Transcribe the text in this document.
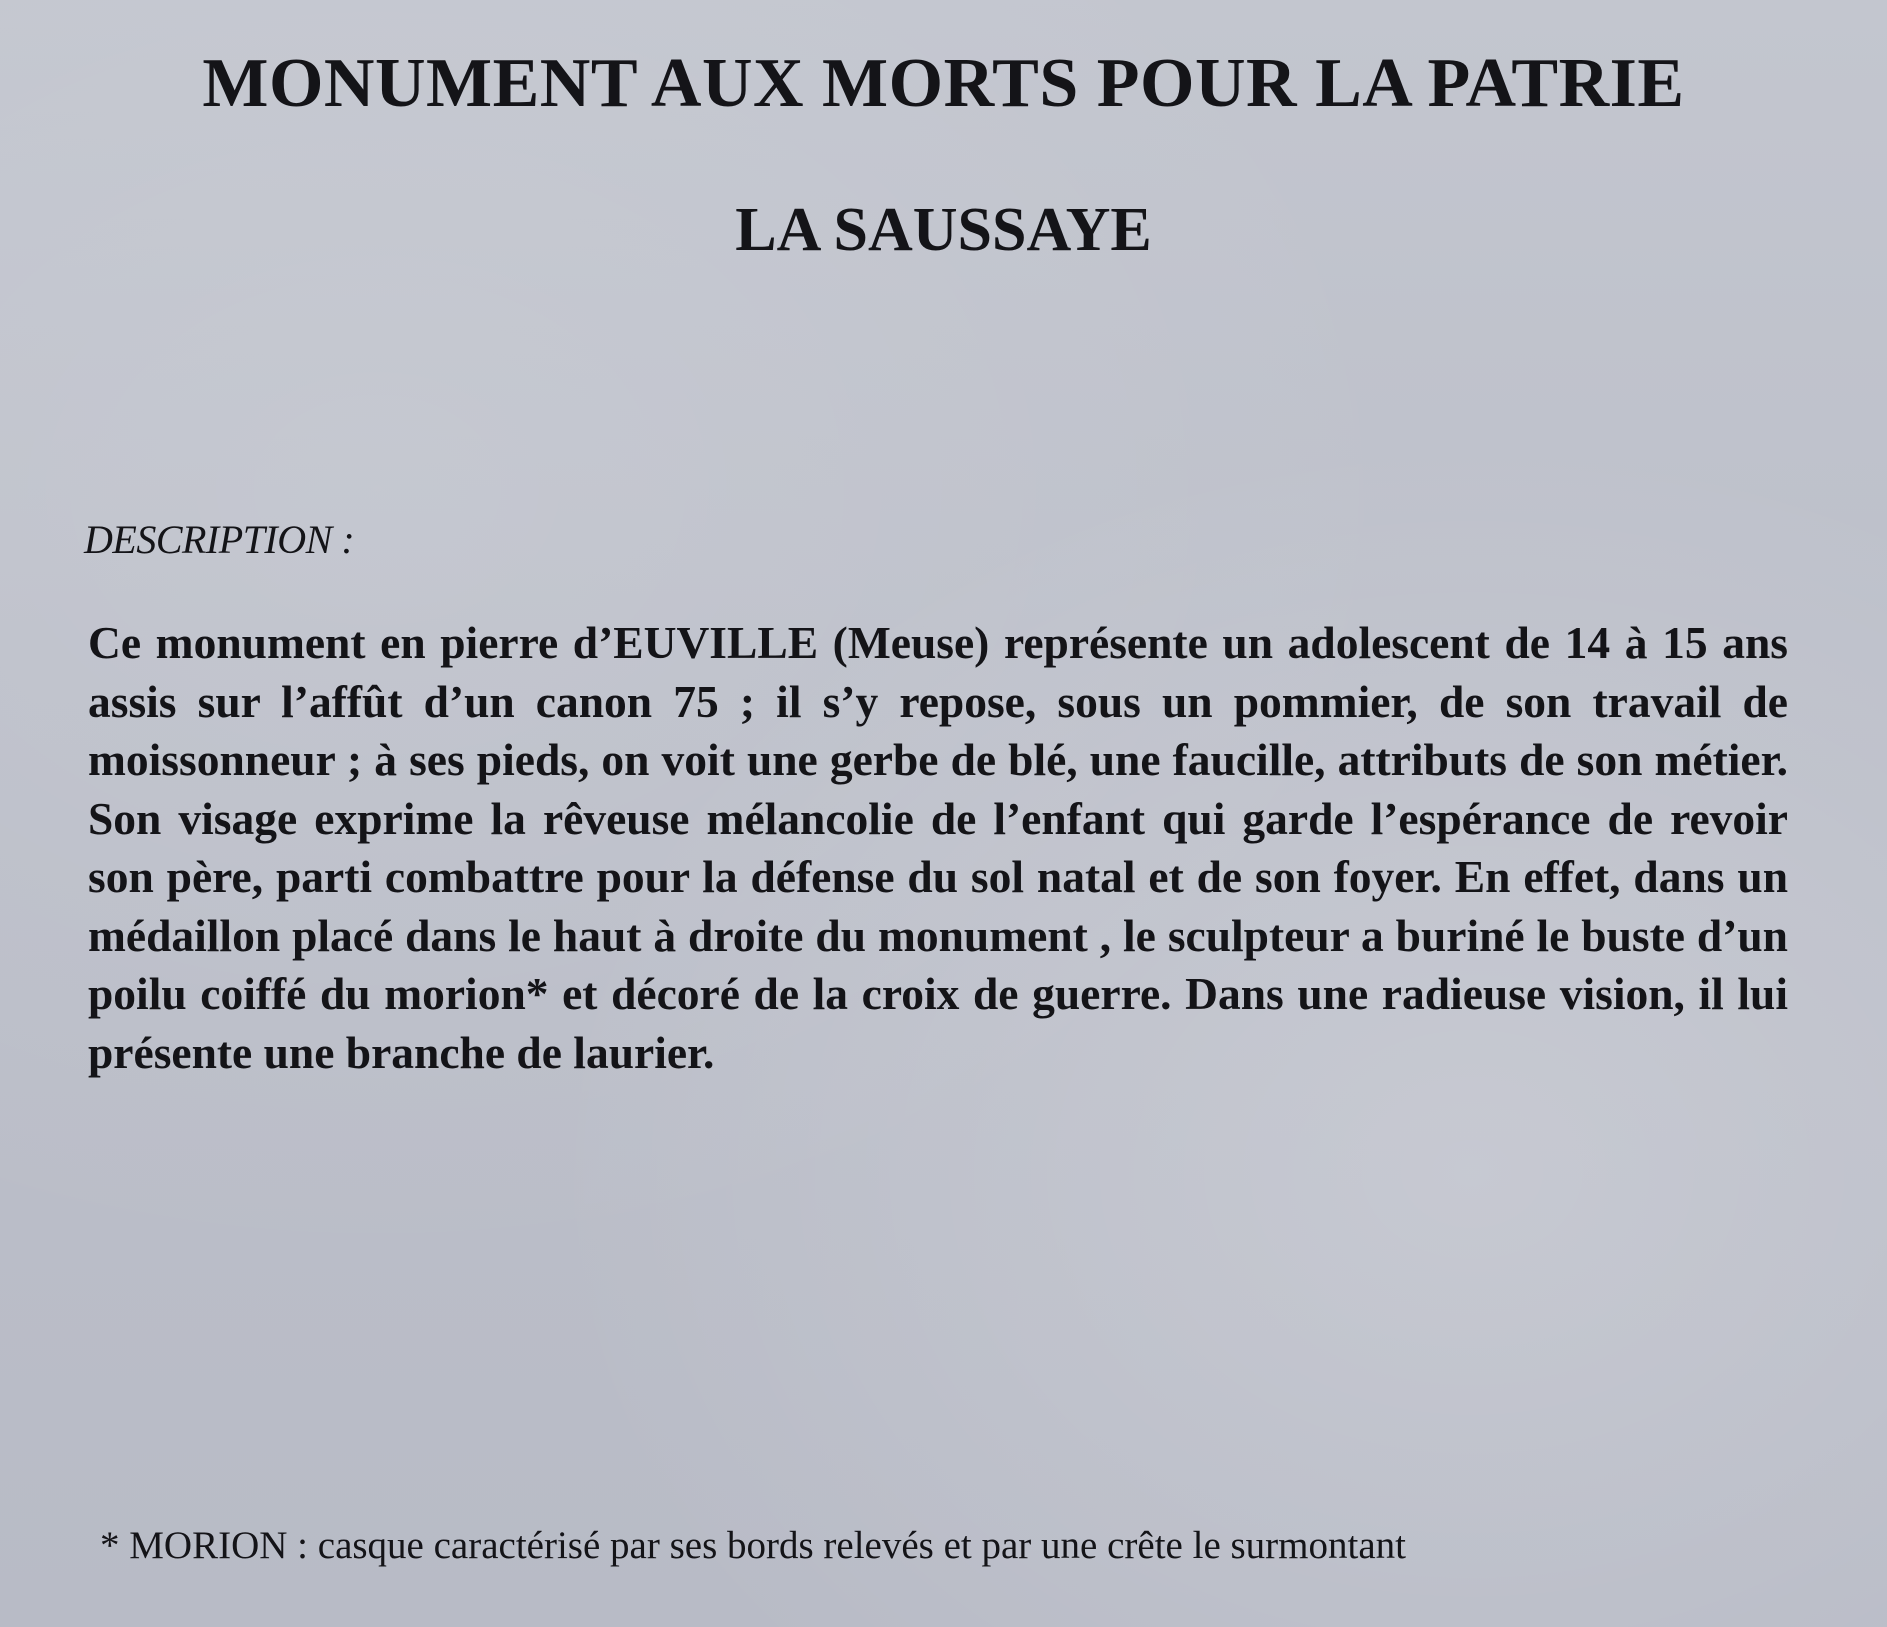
MONUMENT AUX MORTS POUR LA PATRIE
LA SAUSSAYE
DESCRIPTION :

Ce monument en pierre d’EUVILLE (Meuse) représente un adolescent de 14 à 15 ans assis sur l’affût d’un canon 75 ; il s’y repose, sous un pommier, de son travail de moissonneur ; à ses pieds, on voit une gerbe de blé, une faucille, attributs de son métier. Son visage exprime la rêveuse mélancolie de l’enfant qui garde l’espérance de revoir son père, parti combattre pour la défense du sol natal et de son foyer. En effet, dans un médaillon placé dans le haut à droite du monument , le sculpteur a buriné le buste d’un poilu coiffé du morion* et décoré de la croix de guerre. Dans une radieuse vision, il lui présente une branche de laurier.

* MORION : casque caractérisé par ses bords relevés et par une crête le surmontant
